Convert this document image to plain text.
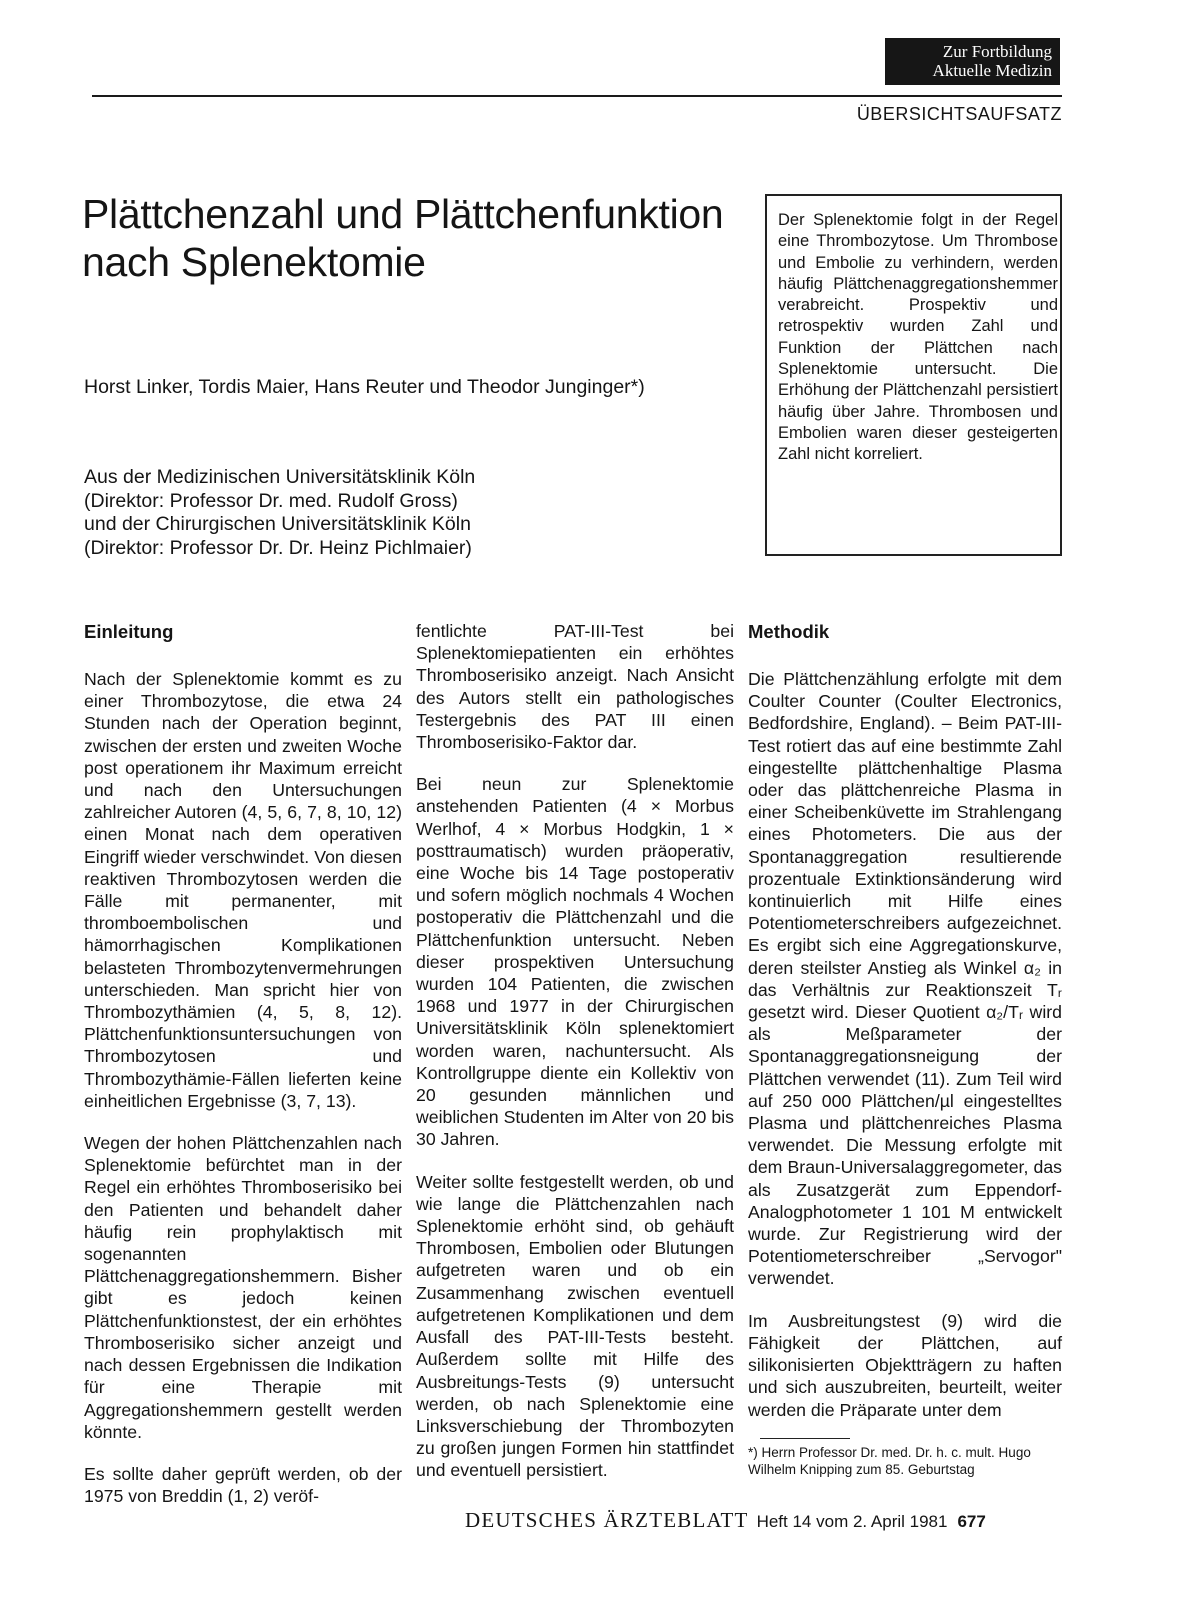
Zur Fortbildung
Aktuelle Medizin
ÜBERSICHTSAUFSATZ
Plättchenzahl und Plättchenfunktion nach Splenektomie
Horst Linker, Tordis Maier, Hans Reuter und Theodor Junginger*)
Aus der Medizinischen Universitätsklinik Köln
(Direktor: Professor Dr. med. Rudolf Gross)
und der Chirurgischen Universitätsklinik Köln
(Direktor: Professor Dr. Dr. Heinz Pichlmaier)
Der Splenektomie folgt in der Regel eine Thrombozytose. Um Thrombose und Embolie zu verhindern, werden häufig Plättchenaggregationshemmer verabreicht. Prospektiv und retrospektiv wurden Zahl und Funktion der Plättchen nach Splenektomie untersucht. Die Erhöhung der Plättchenzahl persistiert häufig über Jahre. Thrombosen und Embolien waren dieser gesteigerten Zahl nicht korreliert.
Einleitung

Nach der Splenektomie kommt es zu einer Thrombozytose, die etwa 24 Stunden nach der Operation beginnt, zwischen der ersten und zweiten Woche post operationem ihr Maximum erreicht und nach den Untersuchungen zahlreicher Autoren (4, 5, 6, 7, 8, 10, 12) einen Monat nach dem operativen Eingriff wieder verschwindet. Von diesen reaktiven Thrombozytosen werden die Fälle mit permanenter, mit thromboembolischen und hämorrhagischen Komplikationen belasteten Thrombozytenvermehrungen unterschieden. Man spricht hier von Thrombozythämien (4, 5, 8, 12). Plättchenfunktionsuntersuchungen von Thrombozytosen und Thrombozythämie-Fällen lieferten keine einheitlichen Ergebnisse (3, 7, 13).

Wegen der hohen Plättchenzahlen nach Splenektomie befürchtet man in der Regel ein erhöhtes Thromboserisiko bei den Patienten und behandelt daher häufig rein prophylaktisch mit sogenannten Plättchenaggregationshemmern. Bisher gibt es jedoch keinen Plättchenfunktionstest, der ein erhöhtes Thromboserisiko sicher anzeigt und nach dessen Ergebnissen die Indikation für eine Therapie mit Aggregationshemmern gestellt werden könnte.

Es sollte daher geprüft werden, ob der 1975 von Breddin (1, 2) veröf-

fentlichte PAT-III-Test bei Splenektomiepatienten ein erhöhtes Thromboserisiko anzeigt. Nach Ansicht des Autors stellt ein pathologisches Testergebnis des PAT III einen Thromboserisiko-Faktor dar.

Bei neun zur Splenektomie anstehenden Patienten (4 × Morbus Werlhof, 4 × Morbus Hodgkin, 1 × posttraumatisch) wurden präoperativ, eine Woche bis 14 Tage postoperativ und sofern möglich nochmals 4 Wochen postoperativ die Plättchenzahl und die Plättchenfunktion untersucht. Neben dieser prospektiven Untersuchung wurden 104 Patienten, die zwischen 1968 und 1977 in der Chirurgischen Universitätsklinik Köln splenektomiert worden waren, nachuntersucht. Als Kontrollgruppe diente ein Kollektiv von 20 gesunden männlichen und weiblichen Studenten im Alter von 20 bis 30 Jahren.

Weiter sollte festgestellt werden, ob und wie lange die Plättchenzahlen nach Splenektomie erhöht sind, ob gehäuft Thrombosen, Embolien oder Blutungen aufgetreten waren und ob ein Zusammenhang zwischen eventuell aufgetretenen Komplikationen und dem Ausfall des PAT-III-Tests besteht. Außerdem sollte mit Hilfe des Ausbreitungs-Tests (9) untersucht werden, ob nach Splenektomie eine Linksverschiebung der Thrombozyten zu großen jungen Formen hin stattfindet und eventuell persistiert.

Methodik

Die Plättchenzählung erfolgte mit dem Coulter Counter (Coulter Electronics, Bedfordshire, England). – Beim PAT-III-Test rotiert das auf eine bestimmte Zahl eingestellte plättchenhaltige Plasma oder das plättchenreiche Plasma in einer Scheibenküvette im Strahlengang eines Photometers. Die aus der Spontanaggregation resultierende prozentuale Extinktionsänderung wird kontinuierlich mit Hilfe eines Potentiometerschreibers aufgezeichnet. Es ergibt sich eine Aggregationskurve, deren steilster Anstieg als Winkel α₂ in das Verhältnis zur Reaktionszeit Tᵣ gesetzt wird. Dieser Quotient α₂/Tᵣ wird als Meßparameter der Spontanaggregationsneigung der Plättchen verwendet (11). Zum Teil wird auf 250 000 Plättchen/µl eingestelltes Plasma und plättchenreiches Plasma verwendet. Die Messung erfolgte mit dem Braun-Universalaggregometer, das als Zusatzgerät zum Eppendorf-Analogphotometer 1 101 M entwickelt wurde. Zur Registrierung wird der Potentiometerschreiber „Servogor" verwendet.

Im Ausbreitungstest (9) wird die Fähigkeit der Plättchen, auf silikonisierten Objektträgern zu haften und sich auszubreiten, beurteilt, weiter werden die Präparate unter dem

*) Herrn Professor Dr. med. Dr. h. c. mult. Hugo Wilhelm Knipping zum 85. Geburtstag
DEUTSCHES ÄRZTEBLATT Heft 14 vom 2. April 1981 677
